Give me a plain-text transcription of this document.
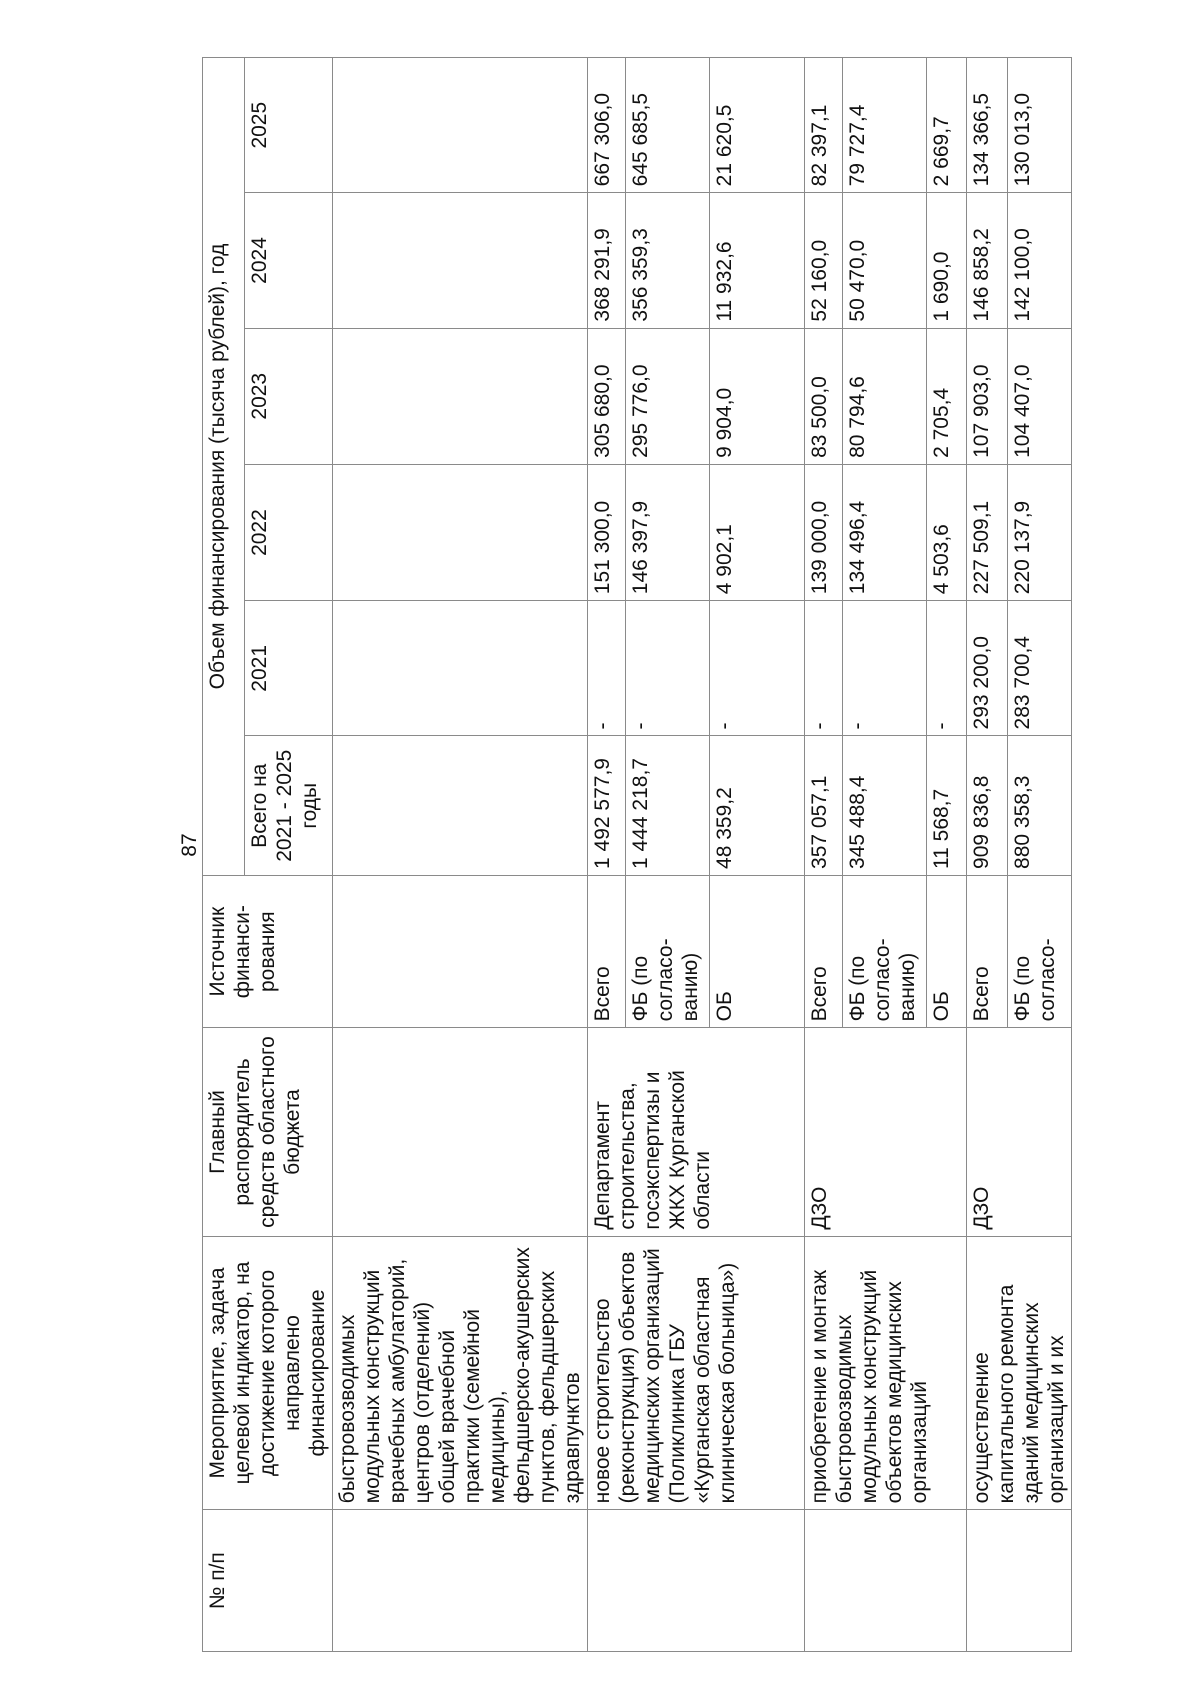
87
№ п/п	Мероприятие, задача целевой индикатор, на достижение которого направлено финансирование	Главный распорядитель средств областного бюджета	Источник финанси-рования	Объем финансирования (тысяча рублей), год					
				Всего на 2021 - 2025 годы	2021	2022	2023	2024	2025
	быстровозводимых модульных конструкций врачебных амбулаторий, центров (отделений) общей врачебной практики (семейной медицины), фельдшерско-акушерских пунктов, фельдшерских здравпунктов								
	новое строительство (реконструкция) объектов медицинских организаций (Поликлиника ГБУ «Курганская областная клиническая больница»)	Департамент строительства, госэкспертизы и ЖКХ Курганской области	Всего	1 492 577,9	-	151 300,0	305 680,0	368 291,9	667 306,0
			ФБ (по согласо-ванию)	1 444 218,7	-	146 397,9	295 776,0	356 359,3	645 685,5
			ОБ	48 359,2	-	4 902,1	9 904,0	11 932,6	21 620,5
	приобретение и монтаж быстровозводимых модульных конструкций объектов медицинских организаций	ДЗО	Всего	357 057,1	-	139 000,0	83 500,0	52 160,0	82 397,1
			ФБ (по согласо-ванию)	345 488,4	-	134 496,4	80 794,6	50 470,0	79 727,4
			ОБ	11 568,7	-	4 503,6	2 705,4	1 690,0	2 669,7
	осуществление капитального ремонта зданий медицинских организаций и их	ДЗО	Всего	909 836,8	293 200,0	227 509,1	107 903,0	146 858,2	134 366,5
			ФБ (по согласо-	880 358,3	283 700,4	220 137,9	104 407,0	142 100,0	130 013,0
